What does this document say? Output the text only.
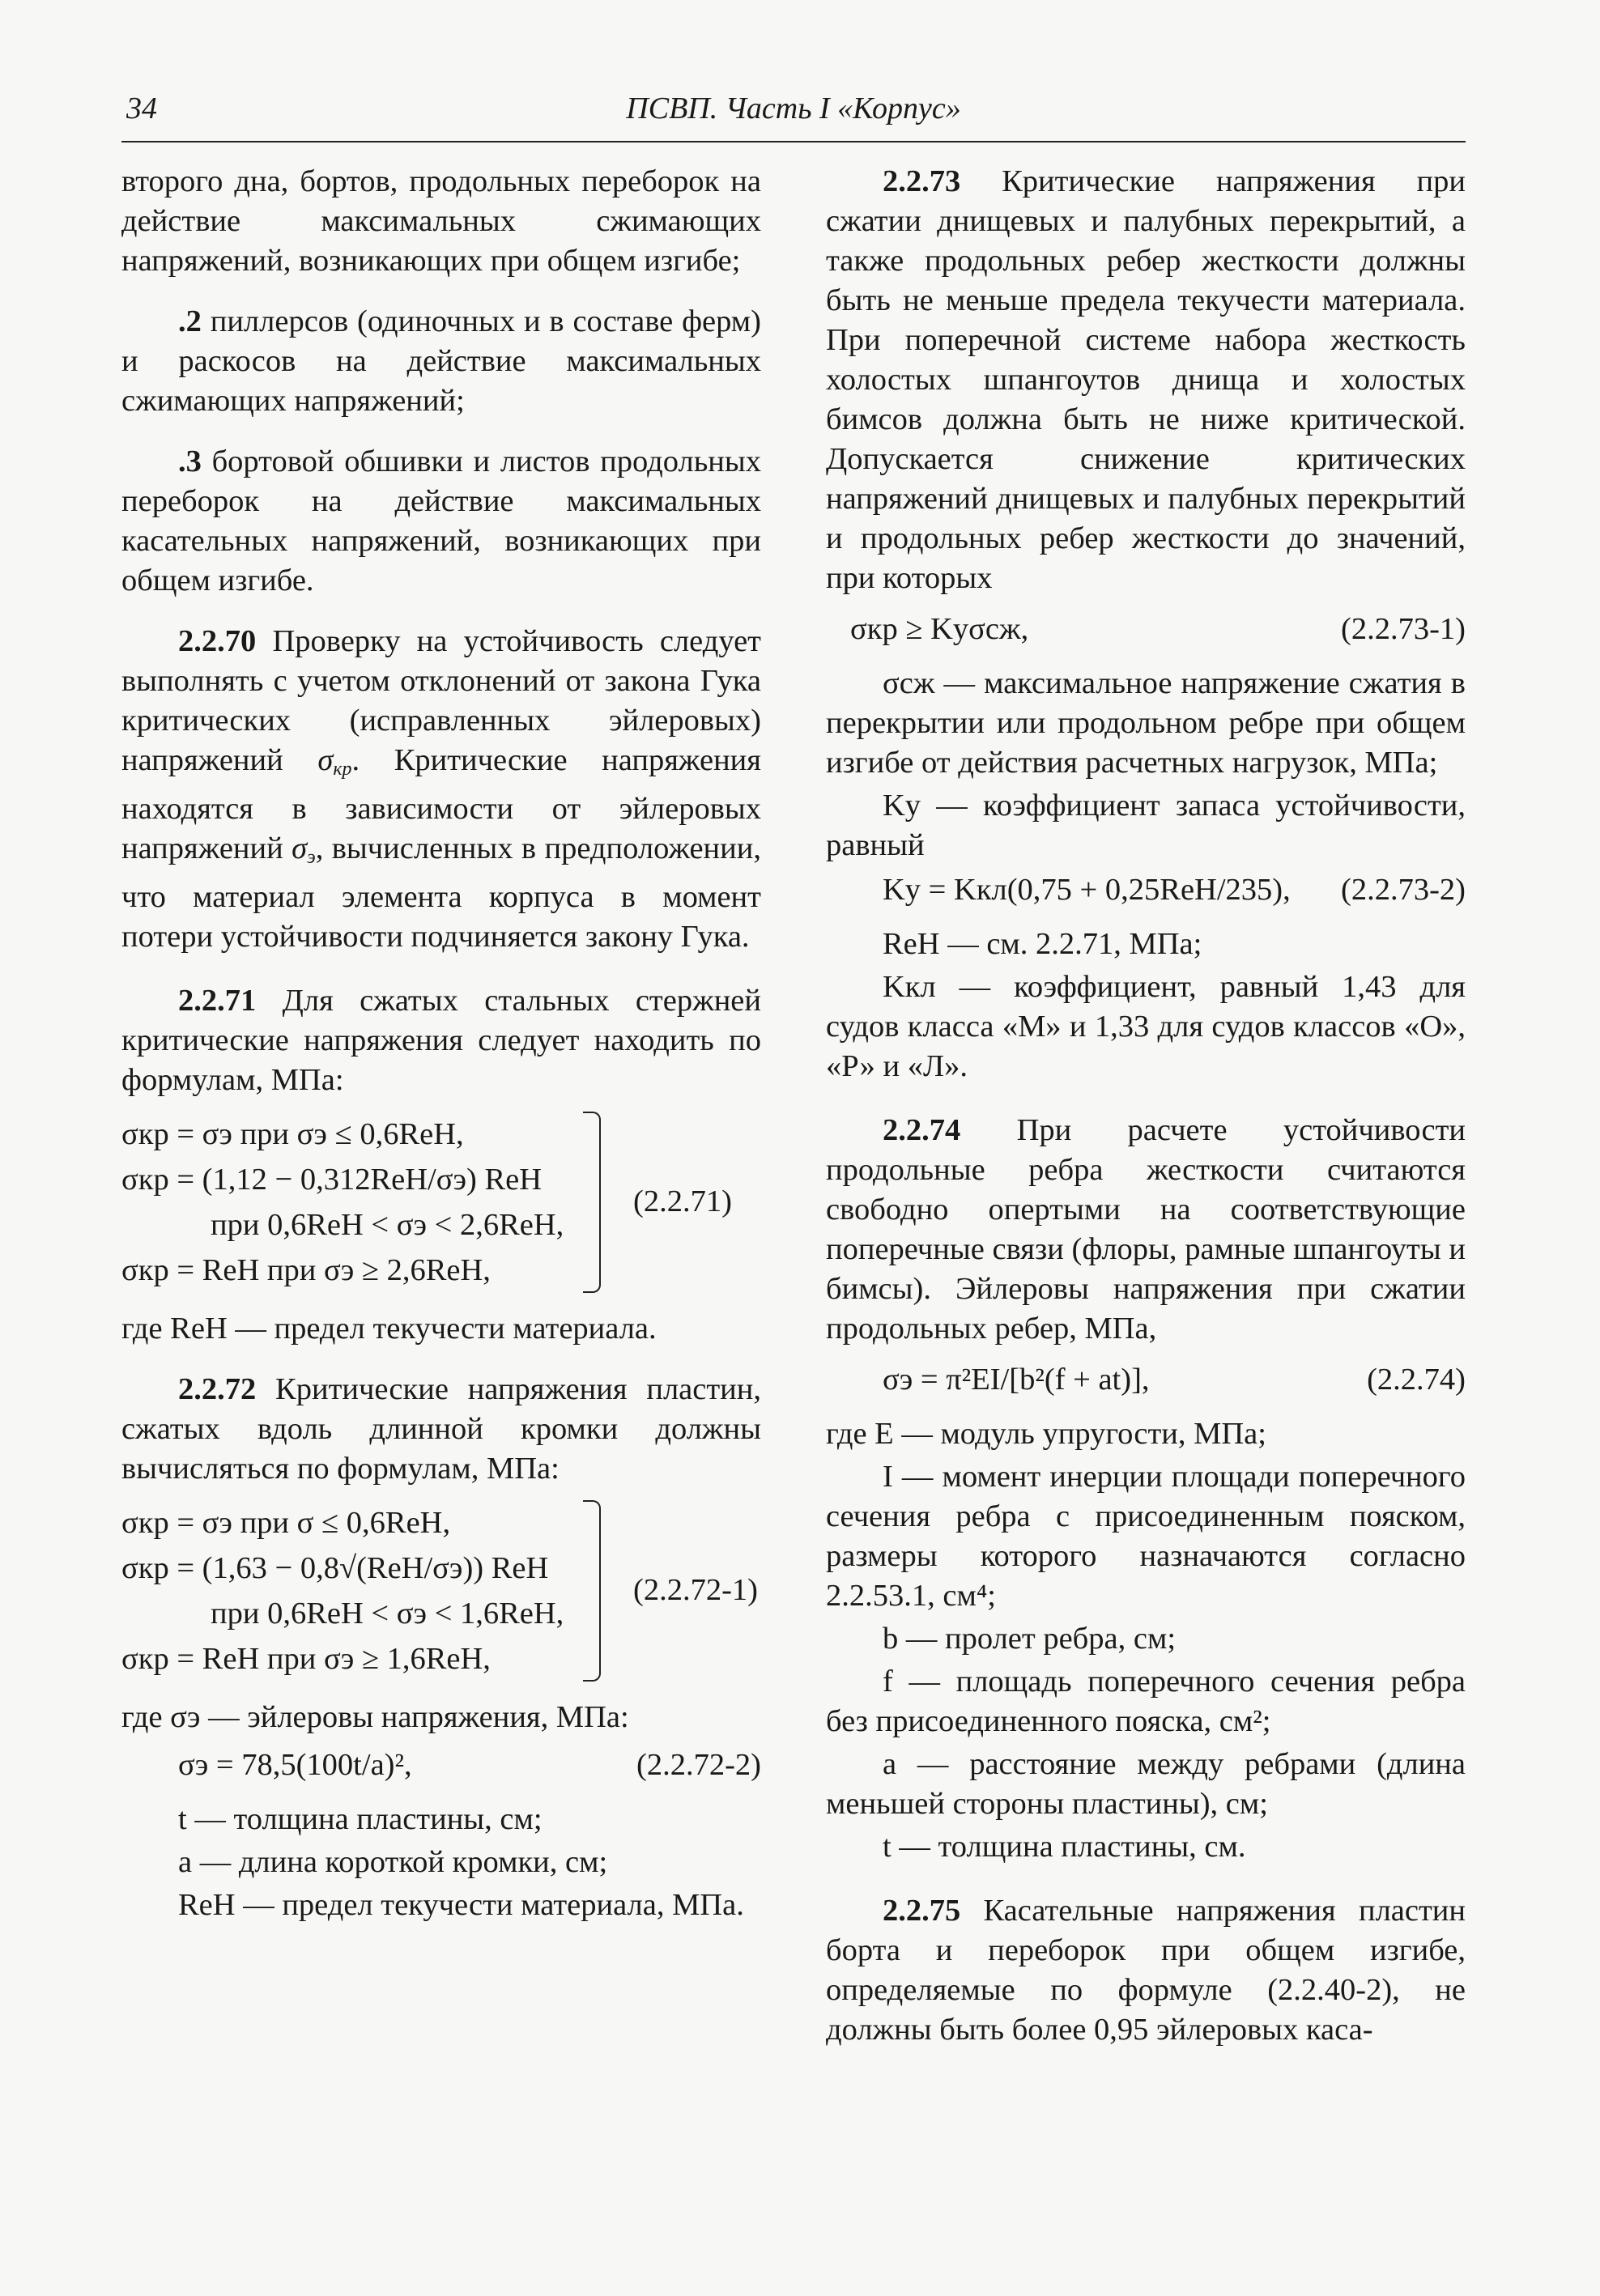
34	ПСВП. Часть I «Корпус»

второго дна, бортов, продольных переборок на действие максимальных сжимающих напряжений, возникающих при общем изгибе;

.2 пиллерсов (одиночных и в составе ферм) и раскосов на действие максимальных сжимающих напряжений;

.3 бортовой обшивки и листов продольных переборок на действие максимальных касательных напряжений, возникающих при общем изгибе.

2.2.70 Проверку на устойчивость следует выполнять с учетом отклонений от закона Гука критических (исправленных эйлеровых) напряжений $\sigma_{кр}$. Критические напряжения находятся в зависимости от эйлеровых напряжений $\sigma_э$, вычисленных в предположении, что материал элемента корпуса в момент потери устойчивости подчиняется закону Гука.

2.2.71 Для сжатых стальных стержней критические напряжения следует находить по формулам, МПа:

σкр = σэ при σэ ≤ 0,6ReH,
σкр = (1,12 − 0,312ReH/σэ) ReH
при 0,6ReH < σэ < 2,6ReH,
σкр = ReH при σэ ≥ 2,6ReH,
(2.2.71)

где ReH — предел текучести материала.

2.2.72 Критические напряжения пластин, сжатых вдоль длинной кромки должны вычисляться по формулам, МПа:

σкр = σэ при σ ≤ 0,6ReH,
σкр = (1,63 − 0,8√(ReH/σэ)) ReH
при 0,6ReH < σэ < 1,6ReH,
σкр = ReH при σэ ≥ 1,6ReH,
(2.2.72-1)

где σэ — эйлеровы напряжения, МПа:

σэ = 78,5(100t/a)²,	(2.2.72-2)

t — толщина пластины, см;

a — длина короткой кромки, см;

ReH — предел текучести материала, МПа.

2.2.73 Критические напряжения при сжатии днищевых и палубных перекрытий, а также продольных ребер жесткости должны быть не меньше предела текучести материала. При поперечной системе набора жесткость холостых шпангоутов днища и холостых бимсов должна быть не ниже критической. Допускается снижение критических напряжений днищевых и палубных перекрытий и продольных ребер жесткости до значений, при которых

σкр ≥ Kyσсж,	(2.2.73-1)

σсж — максимальное напряжение сжатия в перекрытии или продольном ребре при общем изгибе от действия расчетных нагрузок, МПа;

Ky — коэффициент запаса устойчивости, равный

Ky = Kкл(0,75 + 0,25ReH/235), (2.2.73-2)

ReH — см. 2.2.71, МПа;

Kкл — коэффициент, равный 1,43 для судов класса «М» и 1,33 для судов классов «О», «Р» и «Л».

2.2.74 При расчете устойчивости продольные ребра жесткости считаются свободно опертыми на соответствующие поперечные связи (флоры, рамные шпангоуты и бимсы). Эйлеровы напряжения при сжатии продольных ребер, МПа,

σэ = π²EI/[b²(f + at)],	(2.2.74)

где E — модуль упругости, МПа;

I — момент инерции площади поперечного сечения ребра с присоединенным пояском, размеры которого назначаются согласно 2.2.53.1, см⁴;

b — пролет ребра, см;

f — площадь поперечного сечения ребра без присоединенного пояска, см²;

a — расстояние между ребрами (длина меньшей стороны пластины), см;

t — толщина пластины, см.

2.2.75 Касательные напряжения пластин борта и переборок при общем изгибе, определяемые по формуле (2.2.40-2), не должны быть более 0,95 эйлеровых каса-
